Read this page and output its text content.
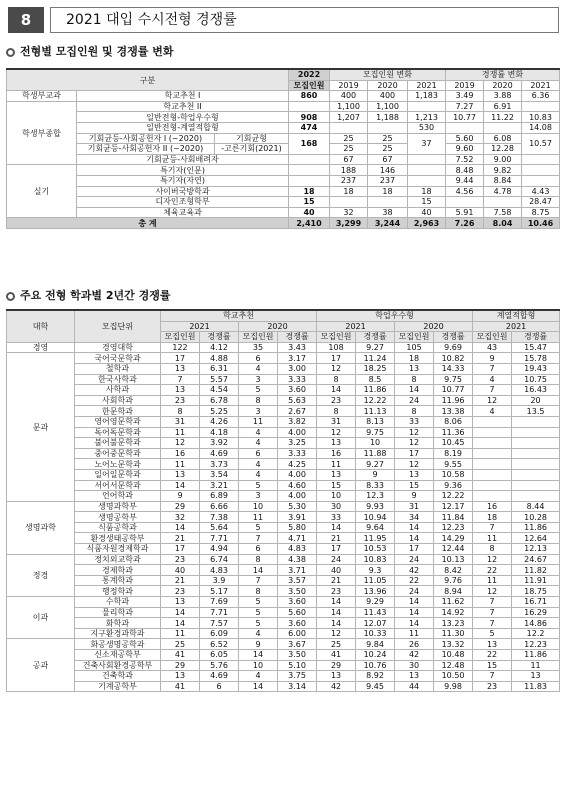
8	2021 대입 수시전형 경쟁률
전형별 모집인원 및 경쟁률 변화
구분			2022	모집인원 변화			경쟁률 변화		
			모집인원	2019	2020	2021	2019	2020	2021
학생부교과	학교추천 I		860	400	400	1,183	3.49	3.88	6.36
학생부종합	학교추천 II			1,100	1,100		7.27	6.91	
	일반전형-학업우수형		908	1,207	1,188	1,213	10.77	11.22	10.83
	일반전형-계열적합형		474			530			14.08
	기회균등-사회공헌자 I (~2020)	기회균형	168	25	25	37	5.60	6.08	10.57
	기회균등-사회공헌자 II (~2020)	-고른기회(2021)		25	25		9.60	12.28	
	기회균등-사회배려자			67	67		7.52	9.00	
실기	특기자(인문)			188	146		8.48	9.82	
	특기자(자연)			237	237		9.44	8.84	
	사이버국방학과		18	18	18	18	4.56	4.78	4.43
	디자인조형학부		15			15			28.47
	체육교육과		40	32	38	40	5.91	7.58	8.75
총 계			2,410	3,299	3,244	2,963	7.26	8.04	10.46
주요 전형 학과별 2년간 경쟁률
대학	모집단위	학교추천				학업우수형				계열적합형	
		2021		2020		2021		2020		2021	
		모집인원	경쟁률	모집인원	경쟁률	모집인원	경쟁률	모집인원	경쟁률	모집인원	경쟁률
경영	경영대학	122	4.12	35	3.43	108	9.27	105	9.69	43	15.47
문과	국어국문학과	17	4.88	6	3.17	17	11.24	18	10.82	9	15.78
	철학과	13	6.31	4	3.00	12	18.25	13	14.33	7	19.43
	한국사학과	7	5.57	3	3.33	8	8.5	8	9.75	4	10.75
	사학과	13	4.54	5	3.60	14	11.86	14	10.77	7	16.43
	사회학과	23	6.78	8	5.63	23	12.22	24	11.96	12	20
	한문학과	8	5.25	3	2.67	8	11.13	8	13.38	4	13.5
	영어영문학과	31	4.26	11	3.82	31	8.13	33	8.06		
	독어독문학과	11	4.18	4	4.00	12	9.75	12	11.36		
	불어불문학과	12	3.92	4	3.25	13	10	12	10.45		
	중어중문학과	16	4.69	6	3.33	16	11.88	17	8.19		
	노어노문학과	11	3.73	4	4.25	11	9.27	12	9.55		
	일어일문학과	13	3.54	4	4.00	13	9	13	10.58		
	서어서문학과	14	3.21	5	4.60	15	8.33	15	9.36		
	언어학과	9	6.89	3	4.00	10	12.3	9	12.22		
생명과학	생명과학부	29	6.66	10	5.30	30	9.93	31	12.17	16	8.44
	생명공학부	32	7.38	11	3.91	33	10.94	34	11.84	18	10.28
	식품공학과	14	5.64	5	5.80	14	9.64	14	12.23	7	11.86
	환경생태공학부	21	7.71	7	4.71	21	11.95	14	14.29	11	12.64
	식품자원경제학과	17	4.94	6	4.83	17	10.53	17	12.44	8	12.13
정경	정치외교학과	23	6.74	8	4.38	24	10.83	24	10.13	12	24.67
	경제학과	40	4.83	14	3.71	40	9.3	42	8.42	22	11.82
	통계학과	21	3.9	7	3.57	21	11.05	22	9.76	11	11.91
	행정학과	23	5.17	8	3.50	23	13.96	24	8.94	12	18.75
이과	수학과	13	7.69	5	3.60	14	9.29	14	11.62	7	16.71
	물리학과	14	7.71	5	5.60	14	11.43	14	14.92	7	16.29
	화학과	14	7.57	5	3.60	14	12.07	14	13.23	7	14.86
	지구환경과학과	11	6.09	4	6.00	12	10.33	11	11.30	5	12.2
공과	화공생명공학과	25	6.52	9	3.67	25	9.84	26	13.32	13	12.23
	신소재공학부	41	6.05	14	3.50	41	10.24	42	10.48	22	11.86
	건축사회환경공학부	29	5.76	10	5.10	29	10.76	30	12.48	15	11
	건축학과	13	4.69	4	3.75	13	8.92	13	10.50	7	13
	기계공학부	41	6	14	3.14	42	9.45	44	9.98	23	11.83
